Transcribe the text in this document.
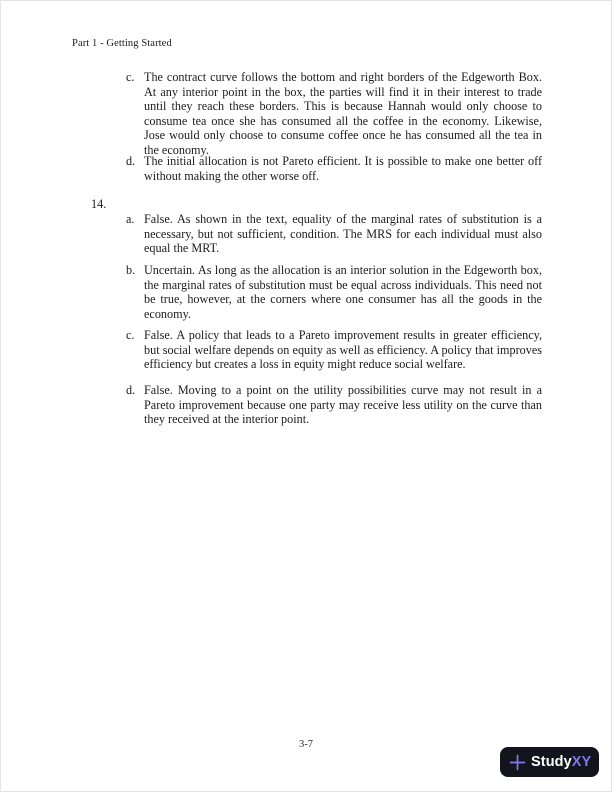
Part 1 - Getting Started
c. The contract curve follows the bottom and right borders of the Edgeworth Box. At any interior point in the box, the parties will find it in their interest to trade until they reach these borders. This is because Hannah would only choose to consume tea once she has consumed all the coffee in the economy. Likewise, Jose would only choose to consume coffee once he has consumed all the tea in the economy.
d. The initial allocation is not Pareto efficient. It is possible to make one better off without making the other worse off.
14.
a. False. As shown in the text, equality of the marginal rates of substitution is a necessary, but not sufficient, condition. The MRS for each individual must also equal the MRT.
b. Uncertain. As long as the allocation is an interior solution in the Edgeworth box, the marginal rates of substitution must be equal across individuals. This need not be true, however, at the corners where one consumer has all the goods in the economy.
c. False. A policy that leads to a Pareto improvement results in greater efficiency, but social welfare depends on equity as well as efficiency. A policy that improves efficiency but creates a loss in equity might reduce social welfare.
d. False. Moving to a point on the utility possibilities curve may not result in a Pareto improvement because one party may receive less utility on the curve than they received at the interior point.
3-7
StudyXY
